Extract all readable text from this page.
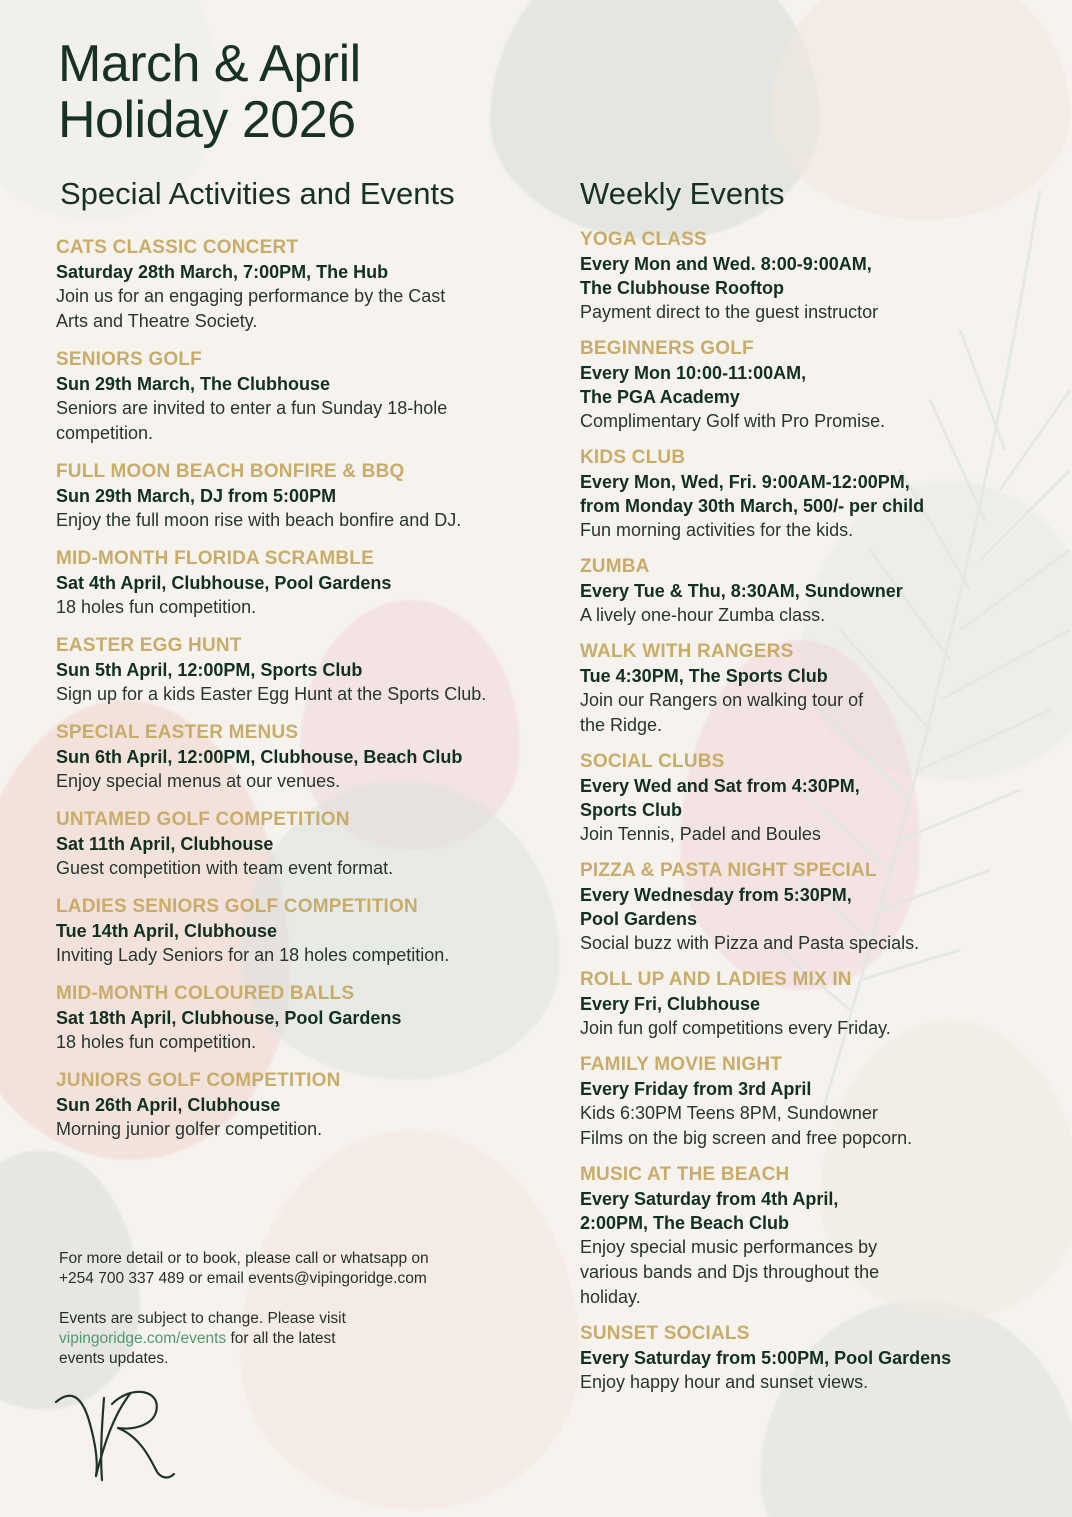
March & April
Holiday 2026
Special Activities and Events	Weekly Events

CATS CLASSIC CONCERT

Saturday 28th March, 7:00PM, The Hub

Join us for an engaging performance by the Cast

Arts and Theatre Society.

SENIORS GOLF

Sun 29th March, The Clubhouse

Seniors are invited to enter a fun Sunday 18-hole

competition.

FULL MOON BEACH BONFIRE & BBQ

Sun 29th March, DJ from 5:00PM

Enjoy the full moon rise with beach bonfire and DJ.

MID-MONTH FLORIDA SCRAMBLE

Sat 4th April, Clubhouse, Pool Gardens

18 holes fun competition.

EASTER EGG HUNT

Sun 5th April, 12:00PM, Sports Club

Sign up for a kids Easter Egg Hunt at the Sports Club.

SPECIAL EASTER MENUS

Sun 6th April, 12:00PM, Clubhouse, Beach Club

Enjoy special menus at our venues.

UNTAMED GOLF COMPETITION

Sat 11th April, Clubhouse

Guest competition with team event format.

LADIES SENIORS GOLF COMPETITION

Tue 14th April, Clubhouse

Inviting Lady Seniors for an 18 holes competition.

MID-MONTH COLOURED BALLS

Sat 18th April, Clubhouse, Pool Gardens

18 holes fun competition.

JUNIORS GOLF COMPETITION

Sun 26th April, Clubhouse

Morning junior golfer competition.

YOGA CLASS

Every Mon and Wed. 8:00-9:00AM,

The Clubhouse Rooftop

Payment direct to the guest instructor

BEGINNERS GOLF

Every Mon 10:00-11:00AM,

The PGA Academy

Complimentary Golf with Pro Promise.

KIDS CLUB

Every Mon, Wed, Fri. 9:00AM-12:00PM,

from Monday 30th March, 500/- per child

Fun morning activities for the kids.

ZUMBA

Every Tue & Thu, 8:30AM, Sundowner

A lively one-hour Zumba class.

WALK WITH RANGERS

Tue 4:30PM, The Sports Club

Join our Rangers on walking tour of

the Ridge.

SOCIAL CLUBS

Every Wed and Sat from 4:30PM,

Sports Club

Join Tennis, Padel and Boules

PIZZA & PASTA NIGHT SPECIAL

Every Wednesday from 5:30PM,

Pool Gardens

Social buzz with Pizza and Pasta specials.

ROLL UP AND LADIES MIX IN

Every Fri, Clubhouse

Join fun golf competitions every Friday.

FAMILY MOVIE NIGHT

Every Friday from 3rd April

Kids 6:30PM Teens 8PM, Sundowner

Films on the big screen and free popcorn.

MUSIC AT THE BEACH

Every Saturday from 4th April,

2:00PM, The Beach Club

Enjoy special music performances by

various bands and Djs throughout the

holiday.

SUNSET SOCIALS

Every Saturday from 5:00PM, Pool Gardens

Enjoy happy hour and sunset views.

For more detail or to book, please call or whatsapp on

+254 700 337 489 or email events@vipingoridge.com

Events are subject to change. Please visit

vipingoridge.com/events for all the latest

events updates.
